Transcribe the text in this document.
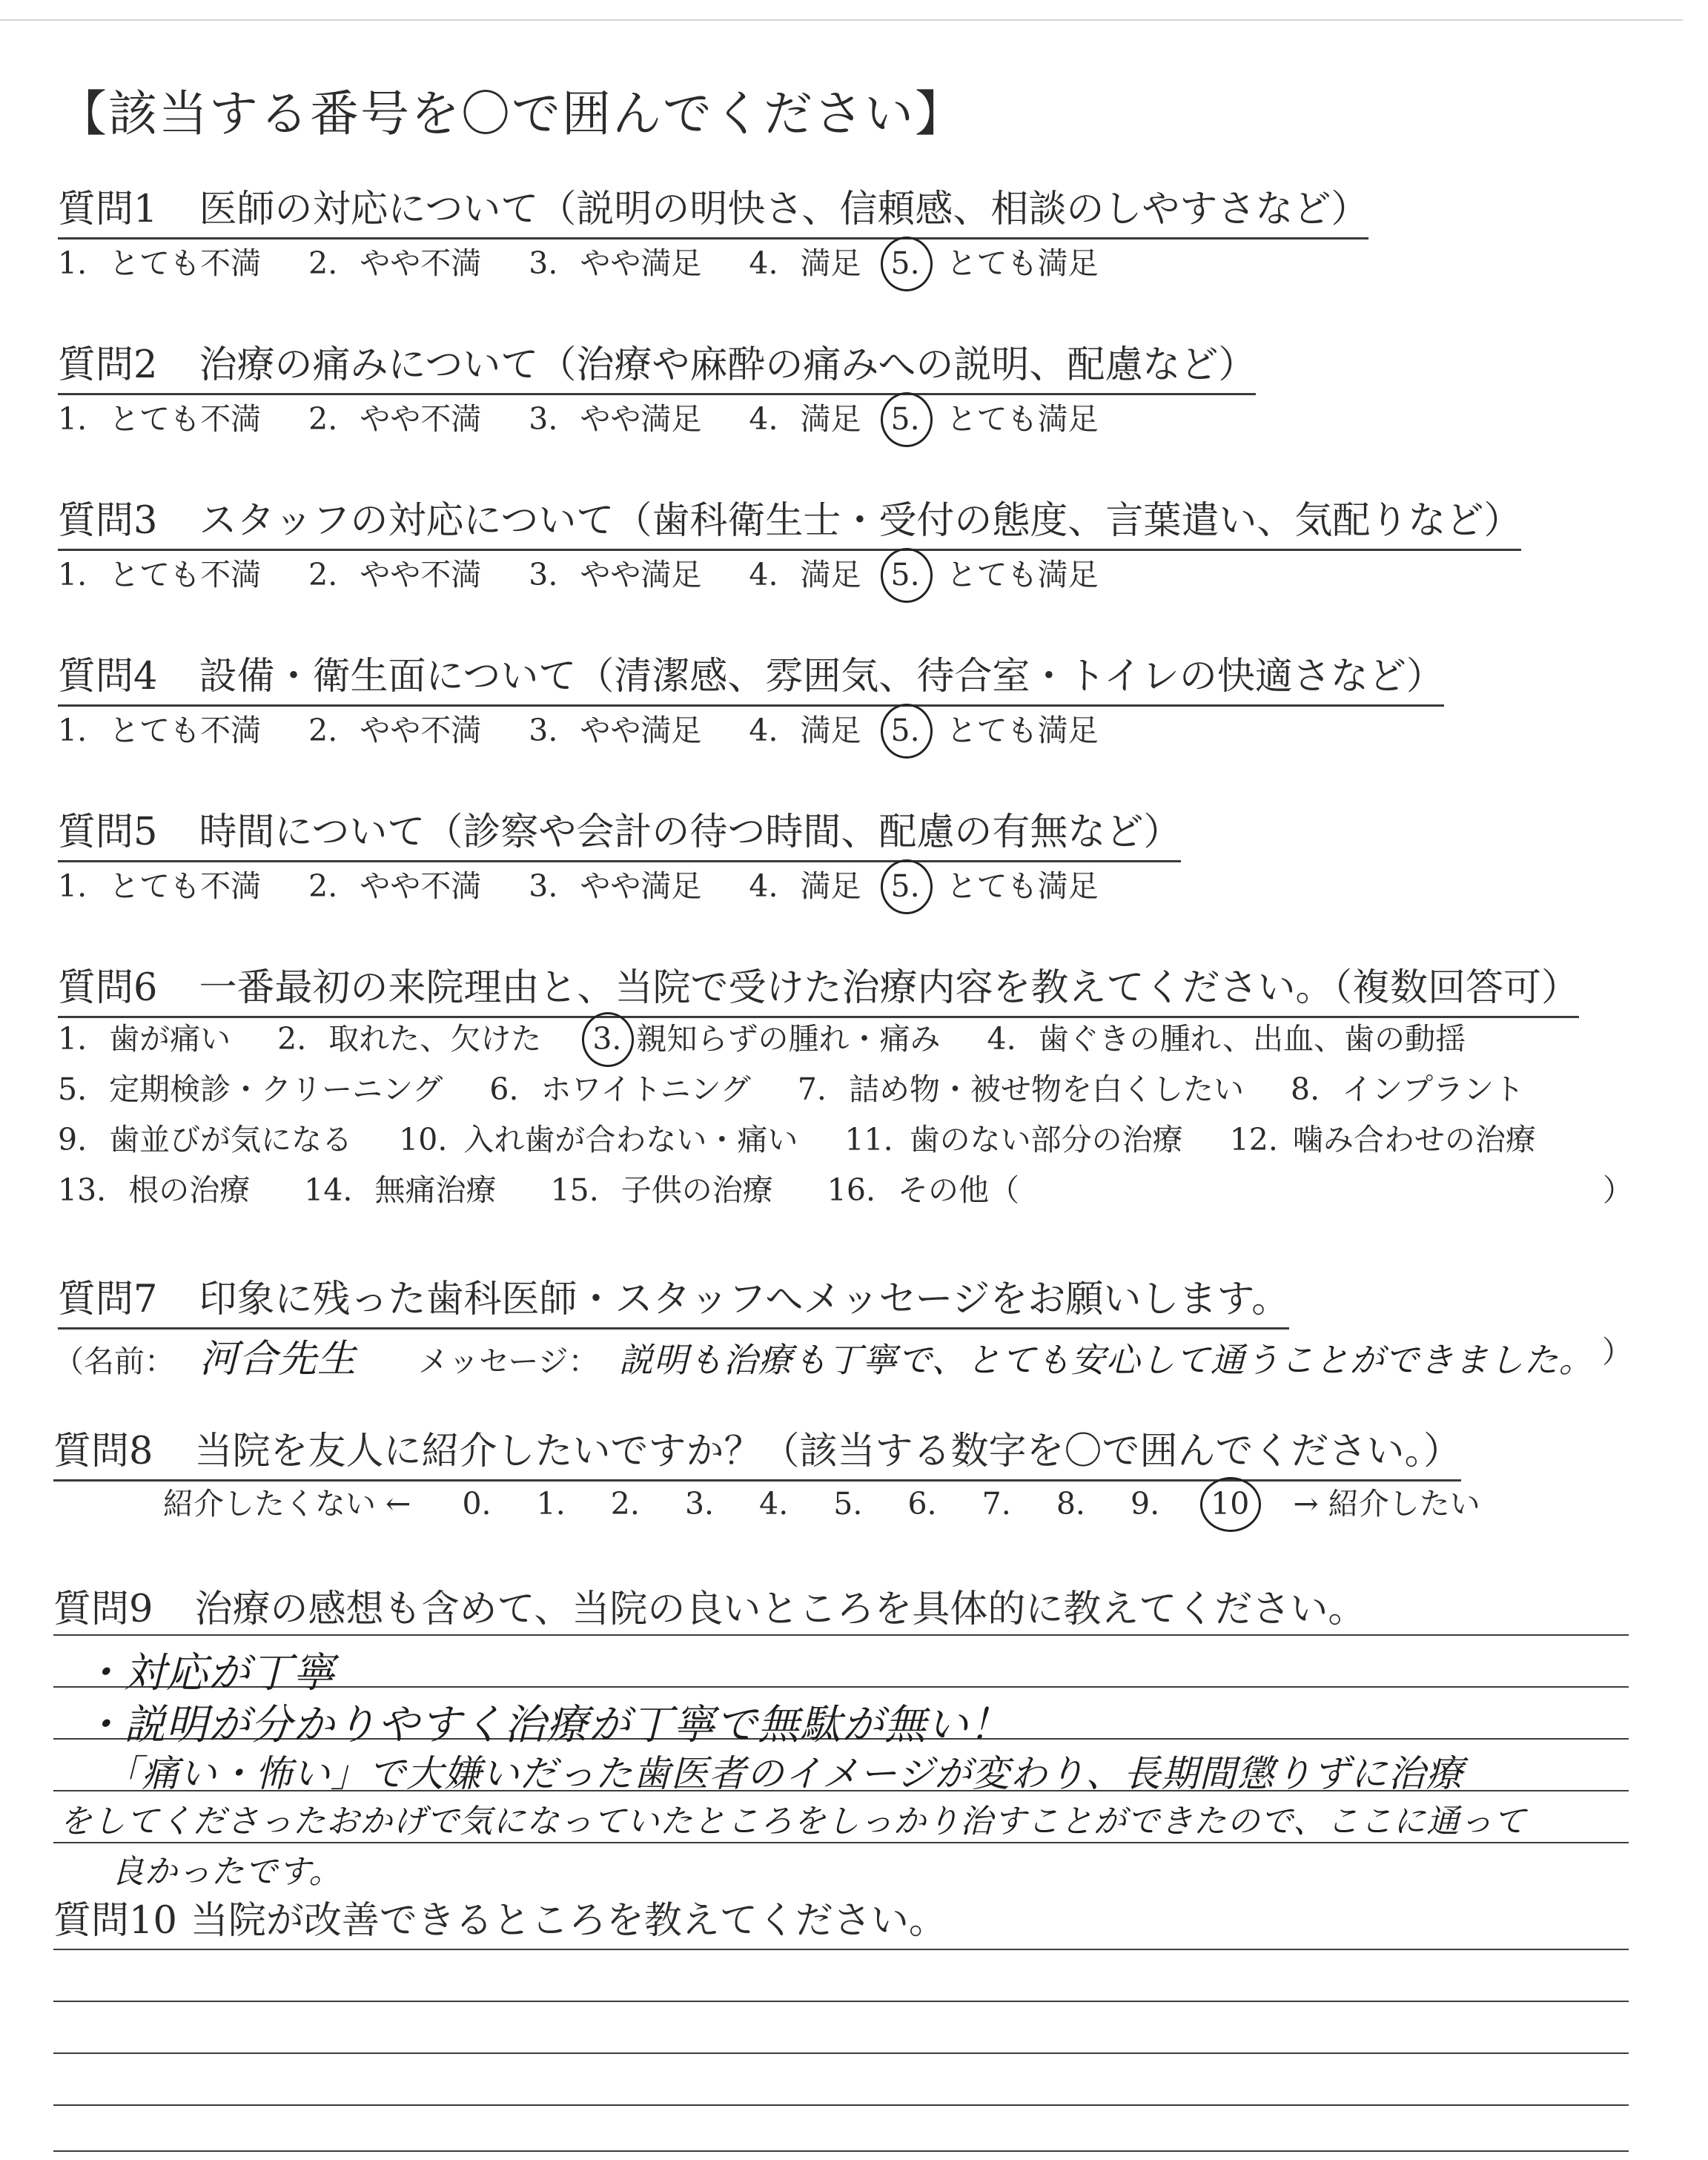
【該当する番号を〇で囲んでください】
質問1 医師の対応について（説明の明快さ、信頼感、相談のしやすさなど）
1. とても不満 2. やや不満 3. やや満足 4. 満足 5. とても満足
質問2 治療の痛みについて（治療や麻酔の痛みへの説明、配慮など）
1. とても不満 2. やや不満 3. やや満足 4. 満足 5. とても満足
質問3 スタッフの対応について（歯科衛生士・受付の態度、言葉遣い、気配りなど）
1. とても不満 2. やや不満 3. やや満足 4. 満足 5. とても満足
質問4 設備・衛生面について（清潔感、雰囲気、待合室・トイレの快適さなど）
1. とても不満 2. やや不満 3. やや満足 4. 満足 5. とても満足
質問5 時間について（診察や会計の待つ時間、配慮の有無など）
1. とても不満 2. やや不満 3. やや満足 4. 満足 5. とても満足
質問6 一番最初の来院理由と、当院で受けた治療内容を教えてください。（複数回答可）
1. 歯が痛い 2. 取れた、欠けた 3. 親知らずの腫れ・痛み 4. 歯ぐきの腫れ、出血、歯の動揺
5. 定期検診・クリーニング 6. ホワイトニング 7. 詰め物・被せ物を白くしたい 8. インプラント
9. 歯並びが気になる 10. 入れ歯が合わない・痛い 11. 歯のない部分の治療 12. 噛み合わせの治療
13. 根の治療 14. 無痛治療 15. 子供の治療 16. その他（	）
質問7 印象に残った歯科医師・スタッフへメッセージをお願いします。
（名前： 河合先生 メッセージ： 説明も治療も丁寧で、とても安心して通うことができました。 ）
質問8 当院を友人に紹介したいですか？（該当する数字を〇で囲んでください。）
紹介したくない ← 0. 1. 2. 3. 4. 5. 6. 7. 8. 9. 10 → 紹介したい
質問9 治療の感想も含めて、当院の良いところを具体的に教えてください。
・対応が丁寧
・説明が分かりやすく治療が丁寧で無駄が無い！
「痛い・怖い」で大嫌いだった歯医者のイメージが変わり、長期間懲りずに治療
をしてくださったおかげで気になっていたところをしっかり治すことができたので、ここに通って
良かったです。
質問10 当院が改善できるところを教えてください。
